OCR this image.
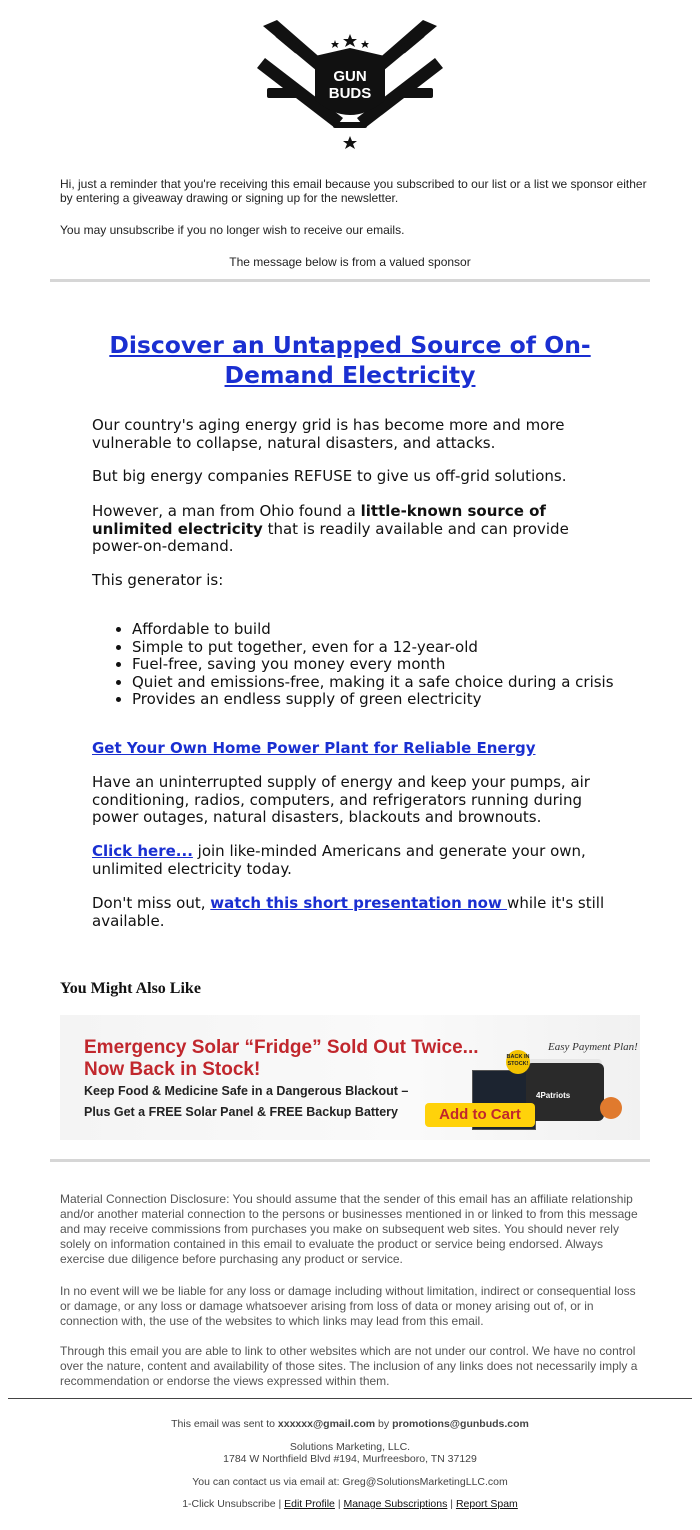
GUN
BUDS
Hi, just a reminder that you're receiving this email because you subscribed to our list or a list we sponsor either by entering a giveaway drawing or signing up for the newsletter.
You may unsubscribe if you no longer wish to receive our emails.
The message below is from a valued sponsor
Discover an Untapped Source of On-Demand Electricity

Our country's aging energy grid is has become more and more vulnerable to collapse, natural disasters, and attacks.

But big energy companies REFUSE to give us off-grid solutions.

However, a man from Ohio found a little-known source of unlimited electricity that is readily available and can provide power-on-demand.

This generator is:

• Affordable to build
• Simple to put together, even for a 12-year-old
• Fuel-free, saving you money every month
• Quiet and emissions-free, making it a safe choice during a crisis
• Provides an endless supply of green electricity

Get Your Own Home Power Plant for Reliable Energy

Have an uninterrupted supply of energy and keep your pumps, air conditioning, radios, computers, and refrigerators running during power outages, natural disasters, blackouts and brownouts.

Click here... join like-minded Americans and generate your own, unlimited electricity today.

Don't miss out, watch this short presentation now while it's still available.

You Might Also Like
Emergency Solar “Fridge” Sold Out Twice...
Now Back in Stock!
Keep Food & Medicine Safe in a Dangerous Blackout –
Plus Get a FREE Solar Panel & FREE Backup Battery
Easy Payment Plan!
4Patriots
BACK IN STOCK!
Add to Cart
Material Connection Disclosure: You should assume that the sender of this email has an affiliate relationship and/or another material connection to the persons or businesses mentioned in or linked to from this message and may receive commissions from purchases you make on subsequent web sites. You should never rely solely on information contained in this email to evaluate the product or service being endorsed. Always exercise due diligence before purchasing any product or service.
In no event will we be liable for any loss or damage including without limitation, indirect or consequential loss or damage, or any loss or damage whatsoever arising from loss of data or money arising out of, or in connection with, the use of the websites to which links may lead from this email.
Through this email you are able to link to other websites which are not under our control. We have no control over the nature, content and availability of those sites. The inclusion of any links does not necessarily imply a recommendation or endorse the views expressed within them.
This email was sent to xxxxxx@gmail.com by promotions@gunbuds.com
Solutions Marketing, LLC.
1784 W Northfield Blvd #194, Murfreesboro, TN 37129
You can contact us via email at: Greg@SolutionsMarketingLLC.com
1-Click Unsubscribe | Edit Profile | Manage Subscriptions | Report Spam
